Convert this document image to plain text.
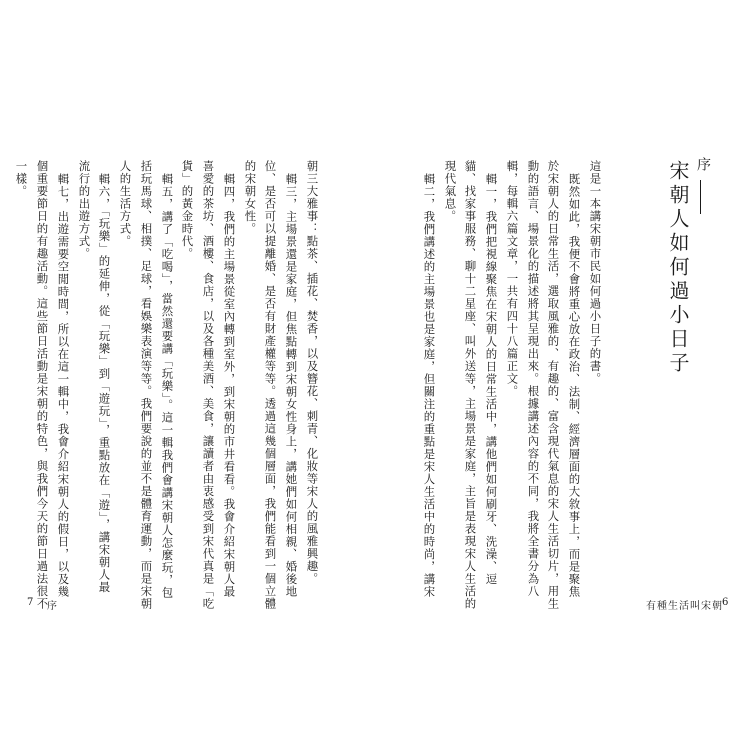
序
宋朝人如何過小日子
這是一本講宋朝市民如何過小日子的書。
既然如此，我便不會將重心放在政治、法制、經濟層面的大敘事上，而是聚焦
於宋朝人的日常生活，選取風雅的、有趣的、富含現代氣息的宋人生活切片，用生
動的語言、場景化的描述將其呈現出來。根據講述內容的不同，我將全書分為八
輯，每輯六篇文章，一共有四十八篇正文。
輯一，我們把視線聚焦在宋朝人的日常生活中，講他們如何刷牙、洗澡、逗
貓、找家事服務、聊十二星座、叫外送等，主場景是家庭，主旨是表現宋人生活的
現代氣息。
輯二，我們講述的主場景也是家庭，但關注的重點是宋人生活中的時尚，講宋
有種生活叫宋朝 6
朝三大雅事：點茶、插花、焚香，以及簪花、刺青、化妝等宋人的風雅興趣。
輯三，主場景還是家庭，但焦點轉到宋朝女性身上，講她們如何相親、婚後地
位、是否可以提離婚、是否有財產權等等。透過這幾個層面，我們能看到一個立體
的宋朝女性。
輯四，我們的主場景從室內轉到室外，到宋朝的市井看看。我會介紹宋朝人最
喜愛的茶坊、酒樓、食店，以及各種美酒、美食，讓讀者由衷感受到宋代真是「吃
貨」的黃金時代。
輯五，講了「吃喝」，當然還要講「玩樂」。這一輯我們會講宋朝人怎麼玩，包
括玩馬球、相撲、足球，看娛樂表演等等。我們要說的並不是體育運動，而是宋朝
人的生活方式。
輯六，「玩樂」的延伸，從「玩樂」到「遊玩」，重點放在「遊」，講宋朝人最
流行的出遊方式。
輯七，出遊需要空閒時間，所以在這一輯中，我會介紹宋朝人的假日，以及幾
個重要節日的有趣活動。這些節日活動是宋朝的特色，與我們今天的節日過法很不
一樣。
7 序
